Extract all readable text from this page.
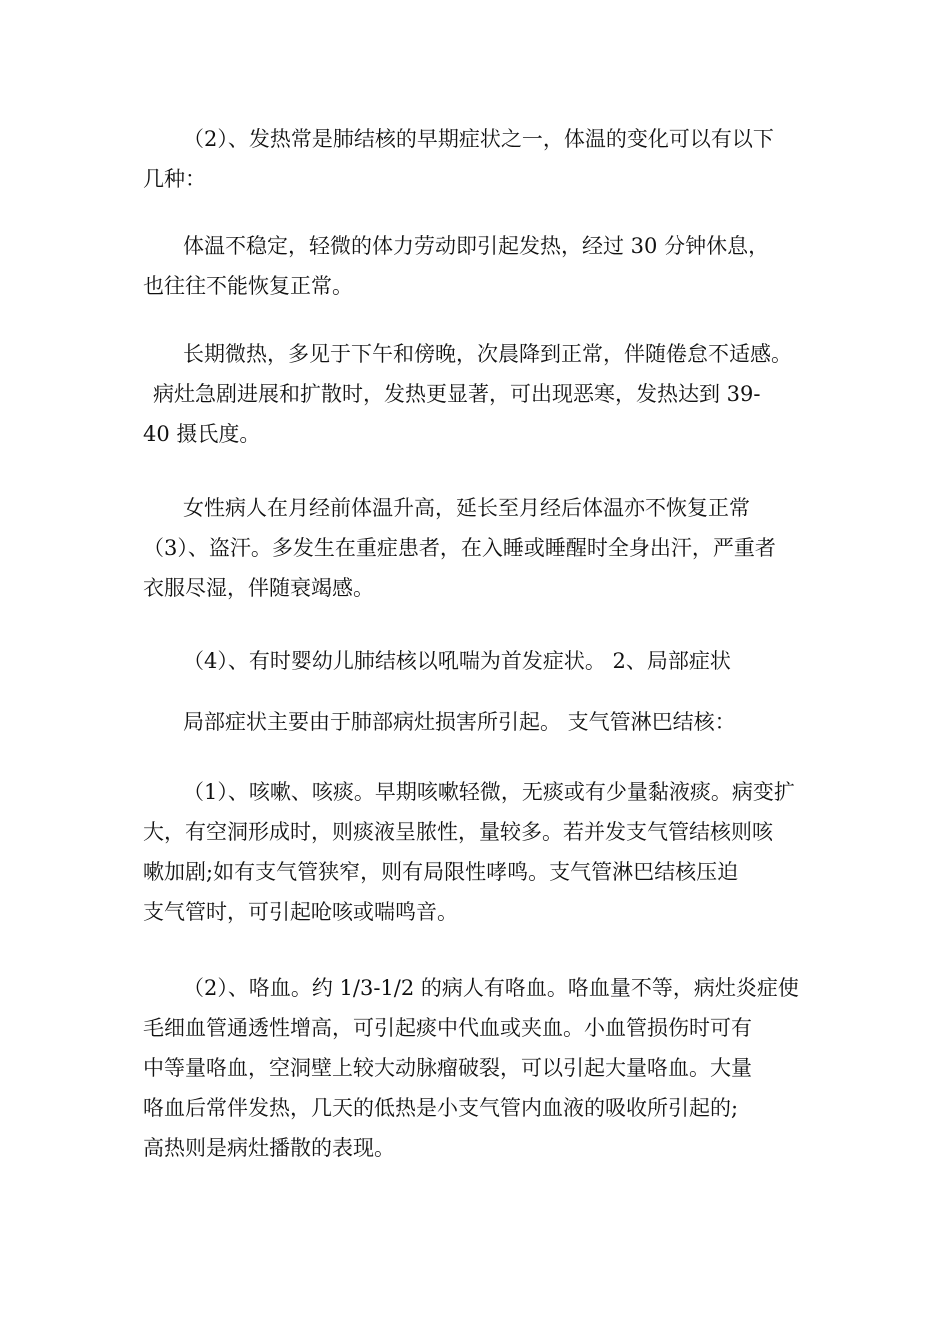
（2）、发热常是肺结核的早期症状之一，体温的变化可以有以下
几种：
体温不稳定，轻微的体力劳动即引起发热，经过 30 分钟休息，
也往往不能恢复正常。
长期微热，多见于下午和傍晚，次晨降到正常，伴随倦怠不适感。
病灶急剧进展和扩散时，发热更显著，可出现恶寒，发热达到 39-
40 摄氏度。
女性病人在月经前体温升高，延长至月经后体温亦不恢复正常
（3）、盗汗。多发生在重症患者，在入睡或睡醒时全身出汗，严重者
衣服尽湿，伴随衰竭感。
（4）、有时婴幼儿肺结核以吼喘为首发症状。 2、局部症状
局部症状主要由于肺部病灶损害所引起。 支气管淋巴结核：
（1）、咳嗽、咳痰。早期咳嗽轻微，无痰或有少量黏液痰。病变扩
大，有空洞形成时，则痰液呈脓性，量较多。若并发支气管结核则咳
嗽加剧;如有支气管狭窄，则有局限性哮鸣。支气管淋巴结核压迫
支气管时，可引起呛咳或喘鸣音。
（2）、咯血。约 1/3-1/2 的病人有咯血。咯血量不等，病灶炎症使
毛细血管通透性增高，可引起痰中代血或夹血。小血管损伤时可有
中等量咯血，空洞壁上较大动脉瘤破裂，可以引起大量咯血。大量
咯血后常伴发热，几天的低热是小支气管内血液的吸收所引起的;
高热则是病灶播散的表现。
